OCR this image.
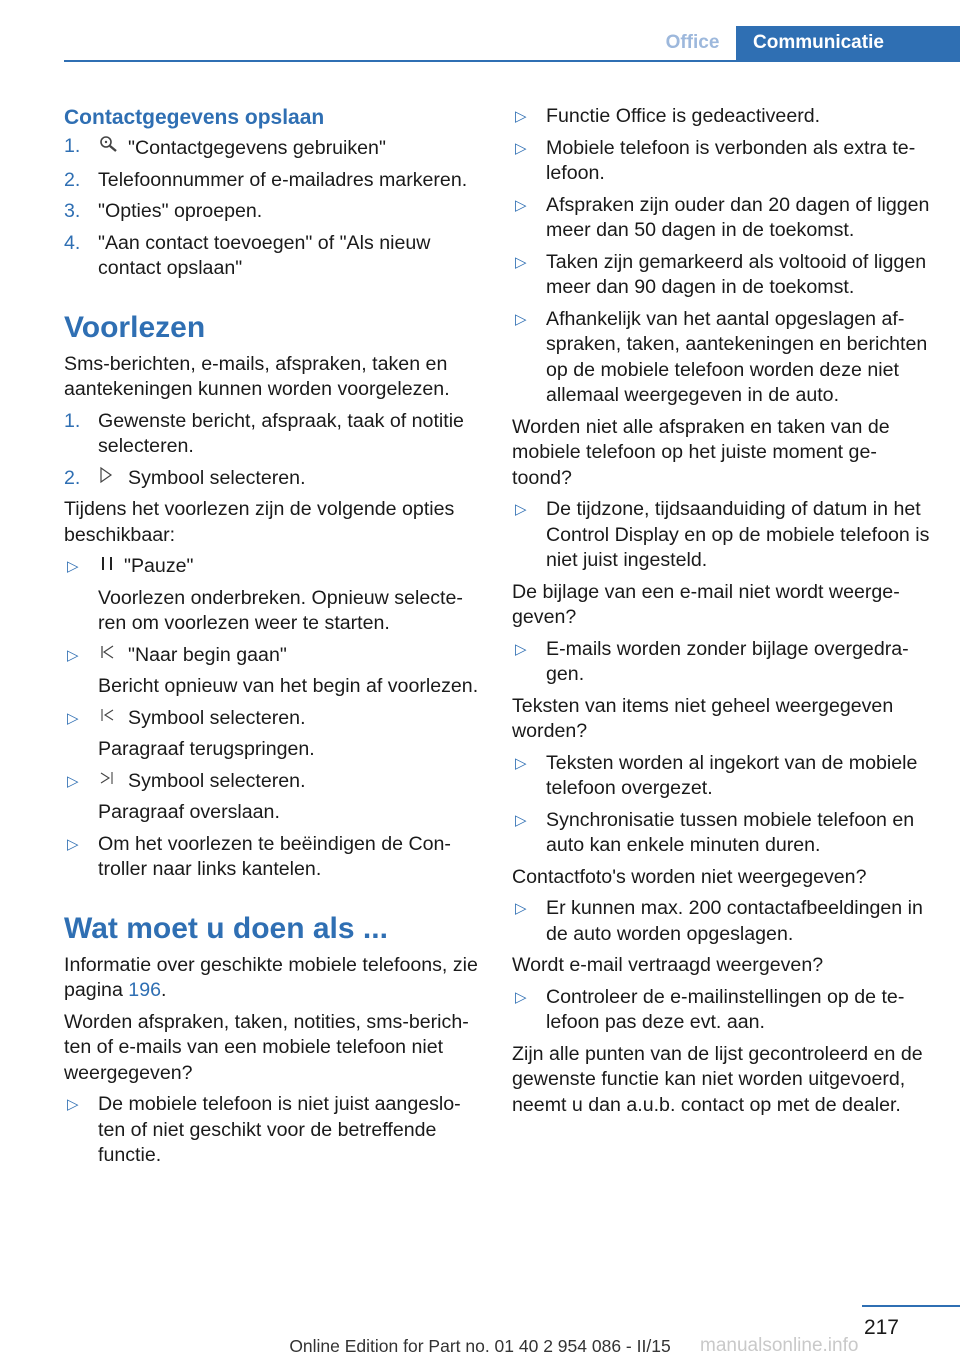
Office	Communicatie
Contactgegevens opslaan
1. "Contactgegevens gebruiken"
2. Telefoonnummer of e-mailadres markeren.
3. "Opties" oproepen.
4. "Aan contact toevoegen" of "Als nieuw contact opslaan"
Voorlezen

Sms-berichten, e-mails, afspraken, taken en aantekeningen kunnen worden voorgelezen.

1. Gewenste bericht, afspraak, taak of notitie selecteren.
2. Symbool selecteren.

Tijdens het voorlezen zijn de volgende opties beschikbaar:

▷ "Pauze"
Voorlezen onderbreken. Opnieuw selecteren om voorlezen weer te starten.
▷	"Naar begin gaan"
Bericht opnieuw van het begin af voorlezen.
▷	Symbool selecteren.
Paragraaf terugspringen.
▷	Symbool selecteren.
Paragraaf overslaan.
▷ Om het voorlezen te beëindigen de Controller naar links kantelen.
Wat moet u doen als ...

Informatie over geschikte mobiele telefoons, zie pagina 196.

Worden afspraken, taken, notities, sms-berichten of e-mails van een mobiele telefoon niet weergegeven?

▷ De mobiele telefoon is niet juist aangesloten of niet geschikt voor de betreffende functie.
▷ Functie Office is gedeactiveerd.
▷ Mobiele telefoon is verbonden als extra telefoon.
▷ Afspraken zijn ouder dan 20 dagen of liggen meer dan 50 dagen in de toekomst.
▷ Taken zijn gemarkeerd als voltooid of liggen meer dan 90 dagen in de toekomst.
▷ Afhankelijk van het aantal opgeslagen afspraken, taken, aantekeningen en berichten op de mobiele telefoon worden deze niet allemaal weergegeven in de auto.

Worden niet alle afspraken en taken van de mobiele telefoon op het juiste moment getoond?

▷ De tijdzone, tijdsaanduiding of datum in het Control Display en op de mobiele telefoon is niet juist ingesteld.

De bijlage van een e-mail niet wordt weergegeven?

▷ E-mails worden zonder bijlage overgedragen.

Teksten van items niet geheel weergegeven worden?

▷ Teksten worden al ingekort van de mobiele telefoon overgezet.
▷ Synchronisatie tussen mobiele telefoon en auto kan enkele minuten duren.

Contactfoto's worden niet weergegeven?

▷ Er kunnen max. 200 contactafbeeldingen in de auto worden opgeslagen.

Wordt e-mail vertraagd weergeven?

▷ Controleer de e-mailinstellingen op de telefoon pas deze evt. aan.

Zijn alle punten van de lijst gecontroleerd en de gewenste functie kan niet worden uitgevoerd, neemt u dan a.u.b. contact op met de dealer.

217
Online Edition for Part no. 01 40 2 954 086 - II/15	manualsonline.info
